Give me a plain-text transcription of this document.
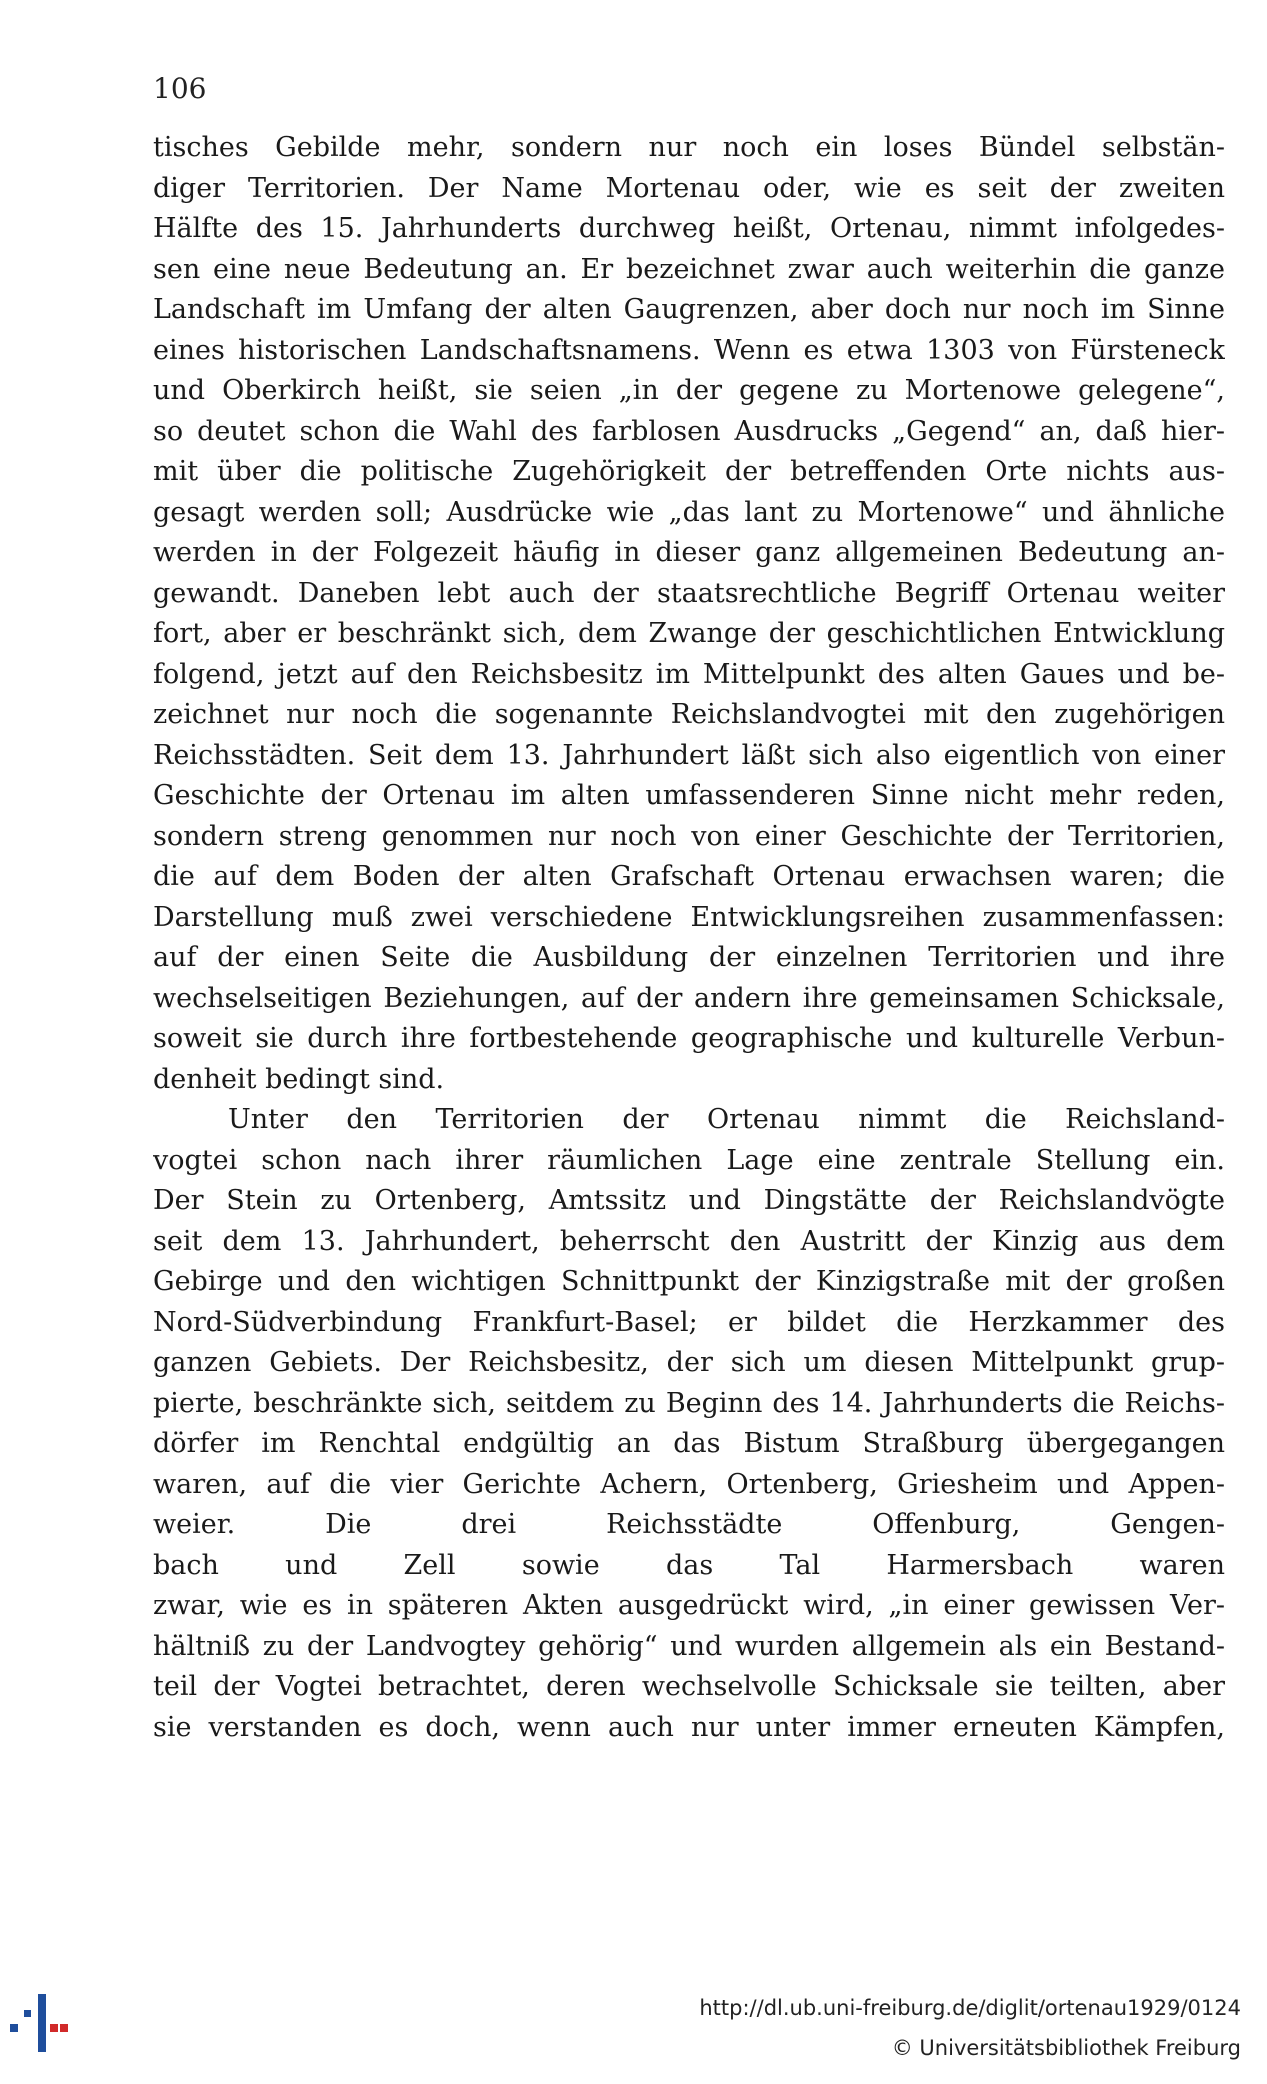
106
tisches Gebilde mehr, sondern nur noch ein loses Bündel selbstän-
diger Territorien. Der Name Mortenau oder, wie es seit der zweiten
Hälfte des 15. Jahrhunderts durchweg heißt, Ortenau, nimmt infolgedes-
sen eine neue Bedeutung an. Er bezeichnet zwar auch weiterhin die ganze
Landschaft im Umfang der alten Gaugrenzen, aber doch nur noch im Sinne
eines historischen Landschaftsnamens. Wenn es etwa 1303 von Fürsteneck
und Oberkirch heißt, sie seien „in der gegene zu Mortenowe gelegene“,
so deutet schon die Wahl des farblosen Ausdrucks „Gegend“ an, daß hier-
mit über die politische Zugehörigkeit der betreffenden Orte nichts aus-
gesagt werden soll; Ausdrücke wie „das lant zu Mortenowe“ und ähnliche
werden in der Folgezeit häufig in dieser ganz allgemeinen Bedeutung an-
gewandt. Daneben lebt auch der staatsrechtliche Begriff Ortenau weiter
fort, aber er beschränkt sich, dem Zwange der geschichtlichen Entwicklung
folgend, jetzt auf den Reichsbesitz im Mittelpunkt des alten Gaues und be-
zeichnet nur noch die sogenannte Reichslandvogtei mit den zugehörigen
Reichsstädten. Seit dem 13. Jahrhundert läßt sich also eigentlich von einer
Geschichte der Ortenau im alten umfassenderen Sinne nicht mehr reden,
sondern streng genommen nur noch von einer Geschichte der Territorien,
die auf dem Boden der alten Grafschaft Ortenau erwachsen waren; die
Darstellung muß zwei verschiedene Entwicklungsreihen zusammenfassen:
auf der einen Seite die Ausbildung der einzelnen Territorien und ihre
wechselseitigen Beziehungen, auf der andern ihre gemeinsamen Schicksale,
soweit sie durch ihre fortbestehende geographische und kulturelle Verbun-
denheit bedingt sind.
Unter den Territorien der Ortenau nimmt die Reichsland-
vogtei schon nach ihrer räumlichen Lage eine zentrale Stellung ein.
Der Stein zu Ortenberg, Amtssitz und Dingstätte der Reichslandvögte
seit dem 13. Jahrhundert, beherrscht den Austritt der Kinzig aus dem
Gebirge und den wichtigen Schnittpunkt der Kinzigstraße mit der großen
Nord-Südverbindung Frankfurt-Basel; er bildet die Herzkammer des
ganzen Gebiets. Der Reichsbesitz, der sich um diesen Mittelpunkt grup-
pierte, beschränkte sich, seitdem zu Beginn des 14. Jahrhunderts die Reichs-
dörfer im Renchtal endgültig an das Bistum Straßburg übergegangen
waren, auf die vier Gerichte Achern, Ortenberg, Griesheim und Appen-
weier. Die drei Reichsstädte Offenburg, Gengen-
bach und Zell sowie das Tal Harmersbach waren
zwar, wie es in späteren Akten ausgedrückt wird, „in einer gewissen Ver-
hältniß zu der Landvogtey gehörig“ und wurden allgemein als ein Bestand-
teil der Vogtei betrachtet, deren wechselvolle Schicksale sie teilten, aber
sie verstanden es doch, wenn auch nur unter immer erneuten Kämpfen,
http://dl.ub.uni-freiburg.de/diglit/ortenau1929/0124
© Universitätsbibliothek Freiburg
